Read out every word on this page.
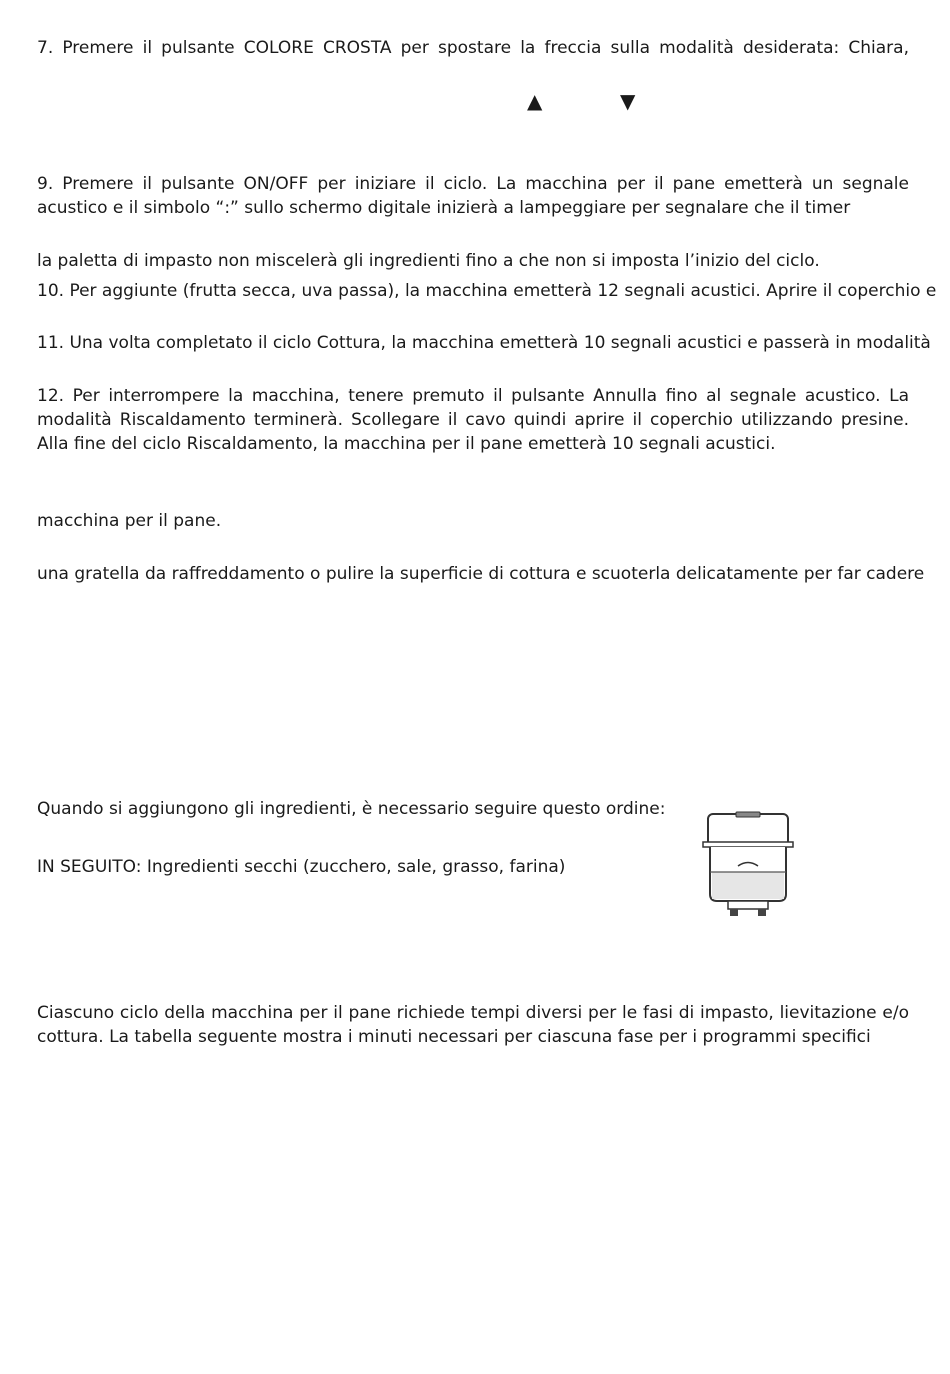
7. Premere il pulsante COLORE CROSTA per spostare la freccia sulla modalità desiderata: Chiara,

▲	▼

9. Premere il pulsante ON/OFF per iniziare il ciclo. La macchina per il pane emetterà un segnale acustico e il simbolo “:” sullo schermo digitale inizierà a lampeggiare per segnalare che il timer

la paletta di impasto non miscelerà gli ingredienti fino a che non si imposta l’inizio del ciclo.

10. Per aggiunte (frutta secca, uva passa), la macchina emetterà 12 segnali acustici. Aprire il coperchio e

11. Una volta completato il ciclo Cottura, la macchina emetterà 10 segnali acustici e passerà in modalità

12. Per interrompere la macchina, tenere premuto il pulsante Annulla fino al segnale acustico. La modalità Riscaldamento terminerà. Scollegare il cavo quindi aprire il coperchio utilizzando presine. Alla fine del ciclo Riscaldamento, la macchina per il pane emetterà 10 segnali acustici.

macchina per il pane.

una gratella da raffreddamento o pulire la superficie di cottura e scuoterla delicatamente per far cadere

Quando si aggiungono gli ingredienti, è necessario seguire questo ordine:

IN SEGUITO: Ingredienti secchi (zucchero, sale, grasso, farina)

Ciascuno ciclo della macchina per il pane richiede tempi diversi per le fasi di impasto, lievitazione e/o cottura. La tabella seguente mostra i minuti necessari per ciascuna fase per i programmi specifici
